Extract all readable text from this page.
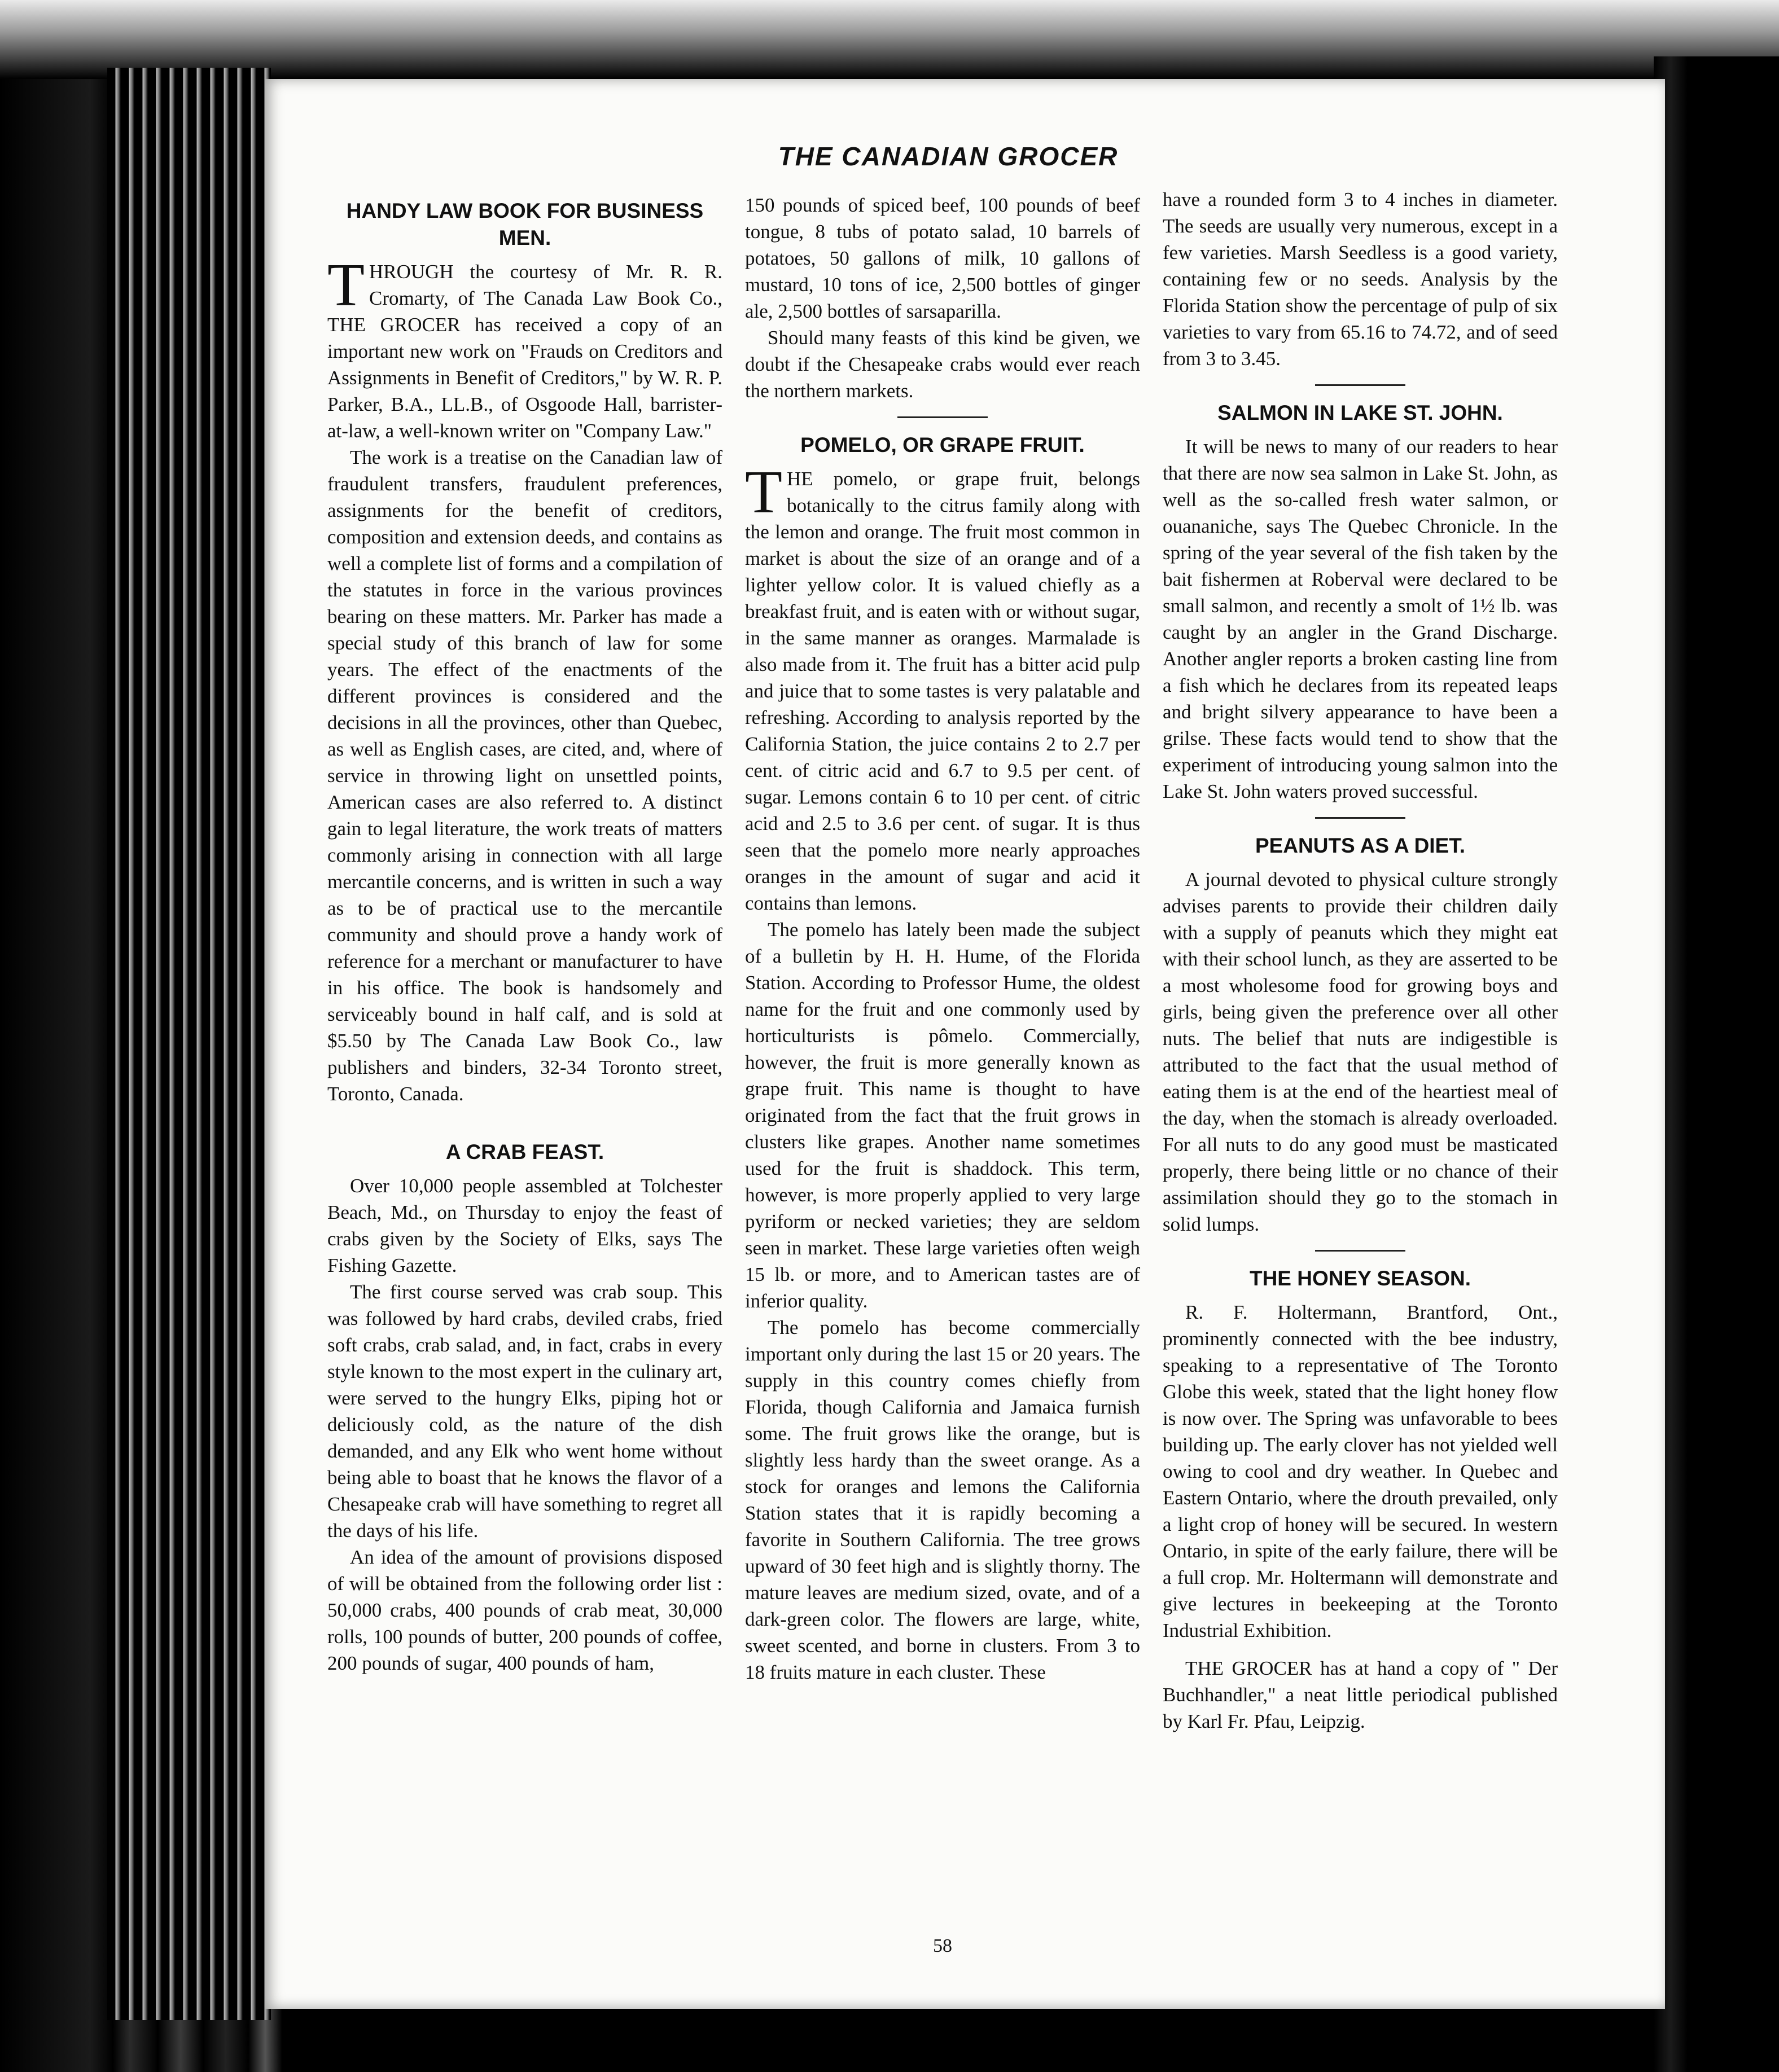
THE CANADIAN GROCER
HANDY LAW BOOK FOR BUSINESS MEN.

THROUGH the courtesy of Mr. R. R. Cromarty, of The Canada Law Book Co., THE GROCER has received a copy of an important new work on "Frauds on Creditors and Assignments in Benefit of Creditors," by W. R. P. Parker, B.A., LL.B., of Osgoode Hall, barrister-at-law, a well-known writer on "Company Law."

The work is a treatise on the Canadian law of fraudulent transfers, fraudulent preferences, assignments for the benefit of creditors, composition and extension deeds, and contains as well a complete list of forms and a compilation of the statutes in force in the various provinces bearing on these matters. Mr. Parker has made a special study of this branch of law for some years. The effect of the enactments of the different provinces is considered and the decisions in all the provinces, other than Quebec, as well as English cases, are cited, and, where of service in throwing light on unsettled points, American cases are also referred to. A distinct gain to legal literature, the work treats of matters commonly arising in connection with all large mercantile concerns, and is written in such a way as to be of practical use to the mercantile community and should prove a handy work of reference for a merchant or manufacturer to have in his office. The book is handsomely and serviceably bound in half calf, and is sold at $5.50 by The Canada Law Book Co., law publishers and binders, 32-34 Toronto street, Toronto, Canada.

A CRAB FEAST.

Over 10,000 people assembled at Tolchester Beach, Md., on Thursday to enjoy the feast of crabs given by the Society of Elks, says The Fishing Gazette.

The first course served was crab soup. This was followed by hard crabs, deviled crabs, fried soft crabs, crab salad, and, in fact, crabs in every style known to the most expert in the culinary art, were served to the hungry Elks, piping hot or deliciously cold, as the nature of the dish demanded, and any Elk who went home without being able to boast that he knows the flavor of a Chesapeake crab will have something to regret all the days of his life.

An idea of the amount of provisions disposed of will be obtained from the following order list : 50,000 crabs, 400 pounds of crab meat, 30,000 rolls, 100 pounds of butter, 200 pounds of coffee, 200 pounds of sugar, 400 pounds of ham,

150 pounds of spiced beef, 100 pounds of beef tongue, 8 tubs of potato salad, 10 barrels of potatoes, 50 gallons of milk, 10 gallons of mustard, 10 tons of ice, 2,500 bottles of ginger ale, 2,500 bottles of sarsaparilla.

Should many feasts of this kind be given, we doubt if the Chesapeake crabs would ever reach the northern markets.

POMELO, OR GRAPE FRUIT.

THE pomelo, or grape fruit, belongs botanically to the citrus family along with the lemon and orange. The fruit most common in market is about the size of an orange and of a lighter yellow color. It is valued chiefly as a breakfast fruit, and is eaten with or without sugar, in the same manner as oranges. Marmalade is also made from it. The fruit has a bitter acid pulp and juice that to some tastes is very palatable and refreshing. According to analysis reported by the California Station, the juice contains 2 to 2.7 per cent. of citric acid and 6.7 to 9.5 per cent. of sugar. Lemons contain 6 to 10 per cent. of citric acid and 2.5 to 3.6 per cent. of sugar. It is thus seen that the pomelo more nearly approaches oranges in the amount of sugar and acid it contains than lemons.

The pomelo has lately been made the subject of a bulletin by H. H. Hume, of the Florida Station. According to Professor Hume, the oldest name for the fruit and one commonly used by horticulturists is pômelo. Commercially, however, the fruit is more generally known as grape fruit. This name is thought to have originated from the fact that the fruit grows in clusters like grapes. Another name sometimes used for the fruit is shaddock. This term, however, is more properly applied to very large pyriform or necked varieties; they are seldom seen in market. These large varieties often weigh 15 lb. or more, and to American tastes are of inferior quality.

The pomelo has become commercially important only during the last 15 or 20 years. The supply in this country comes chiefly from Florida, though California and Jamaica furnish some. The fruit grows like the orange, but is slightly less hardy than the sweet orange. As a stock for oranges and lemons the California Station states that it is rapidly becoming a favorite in Southern California. The tree grows upward of 30 feet high and is slightly thorny. The mature leaves are medium sized, ovate, and of a dark-green color. The flowers are large, white, sweet scented, and borne in clusters. From 3 to 18 fruits mature in each cluster. These

have a rounded form 3 to 4 inches in diameter. The seeds are usually very numerous, except in a few varieties. Marsh Seedless is a good variety, containing few or no seeds. Analysis by the Florida Station show the percentage of pulp of six varieties to vary from 65.16 to 74.72, and of seed from 3 to 3.45.

SALMON IN LAKE ST. JOHN.

It will be news to many of our readers to hear that there are now sea salmon in Lake St. John, as well as the so-called fresh water salmon, or ouananiche, says The Quebec Chronicle. In the spring of the year several of the fish taken by the bait fishermen at Roberval were declared to be small salmon, and recently a smolt of 1½ lb. was caught by an angler in the Grand Discharge. Another angler reports a broken casting line from a fish which he declares from its repeated leaps and bright silvery appearance to have been a grilse. These facts would tend to show that the experiment of introducing young salmon into the Lake St. John waters proved successful.

PEANUTS AS A DIET.

A journal devoted to physical culture strongly advises parents to provide their children daily with a supply of peanuts which they might eat with their school lunch, as they are asserted to be a most wholesome food for growing boys and girls, being given the preference over all other nuts. The belief that nuts are indigestible is attributed to the fact that the usual method of eating them is at the end of the heartiest meal of the day, when the stomach is already overloaded. For all nuts to do any good must be masticated properly, there being little or no chance of their assimilation should they go to the stomach in solid lumps.

THE HONEY SEASON.

R. F. Holtermann, Brantford, Ont., prominently connected with the bee industry, speaking to a representative of The Toronto Globe this week, stated that the light honey flow is now over. The Spring was unfavorable to bees building up. The early clover has not yielded well owing to cool and dry weather. In Quebec and Eastern Ontario, where the drouth prevailed, only a light crop of honey will be secured. In western Ontario, in spite of the early failure, there will be a full crop. Mr. Holtermann will demonstrate and give lectures in beekeeping at the Toronto Industrial Exhibition.

THE GROCER has at hand a copy of " Der Buchhandler," a neat little periodical published by Karl Fr. Pfau, Leipzig.

58
